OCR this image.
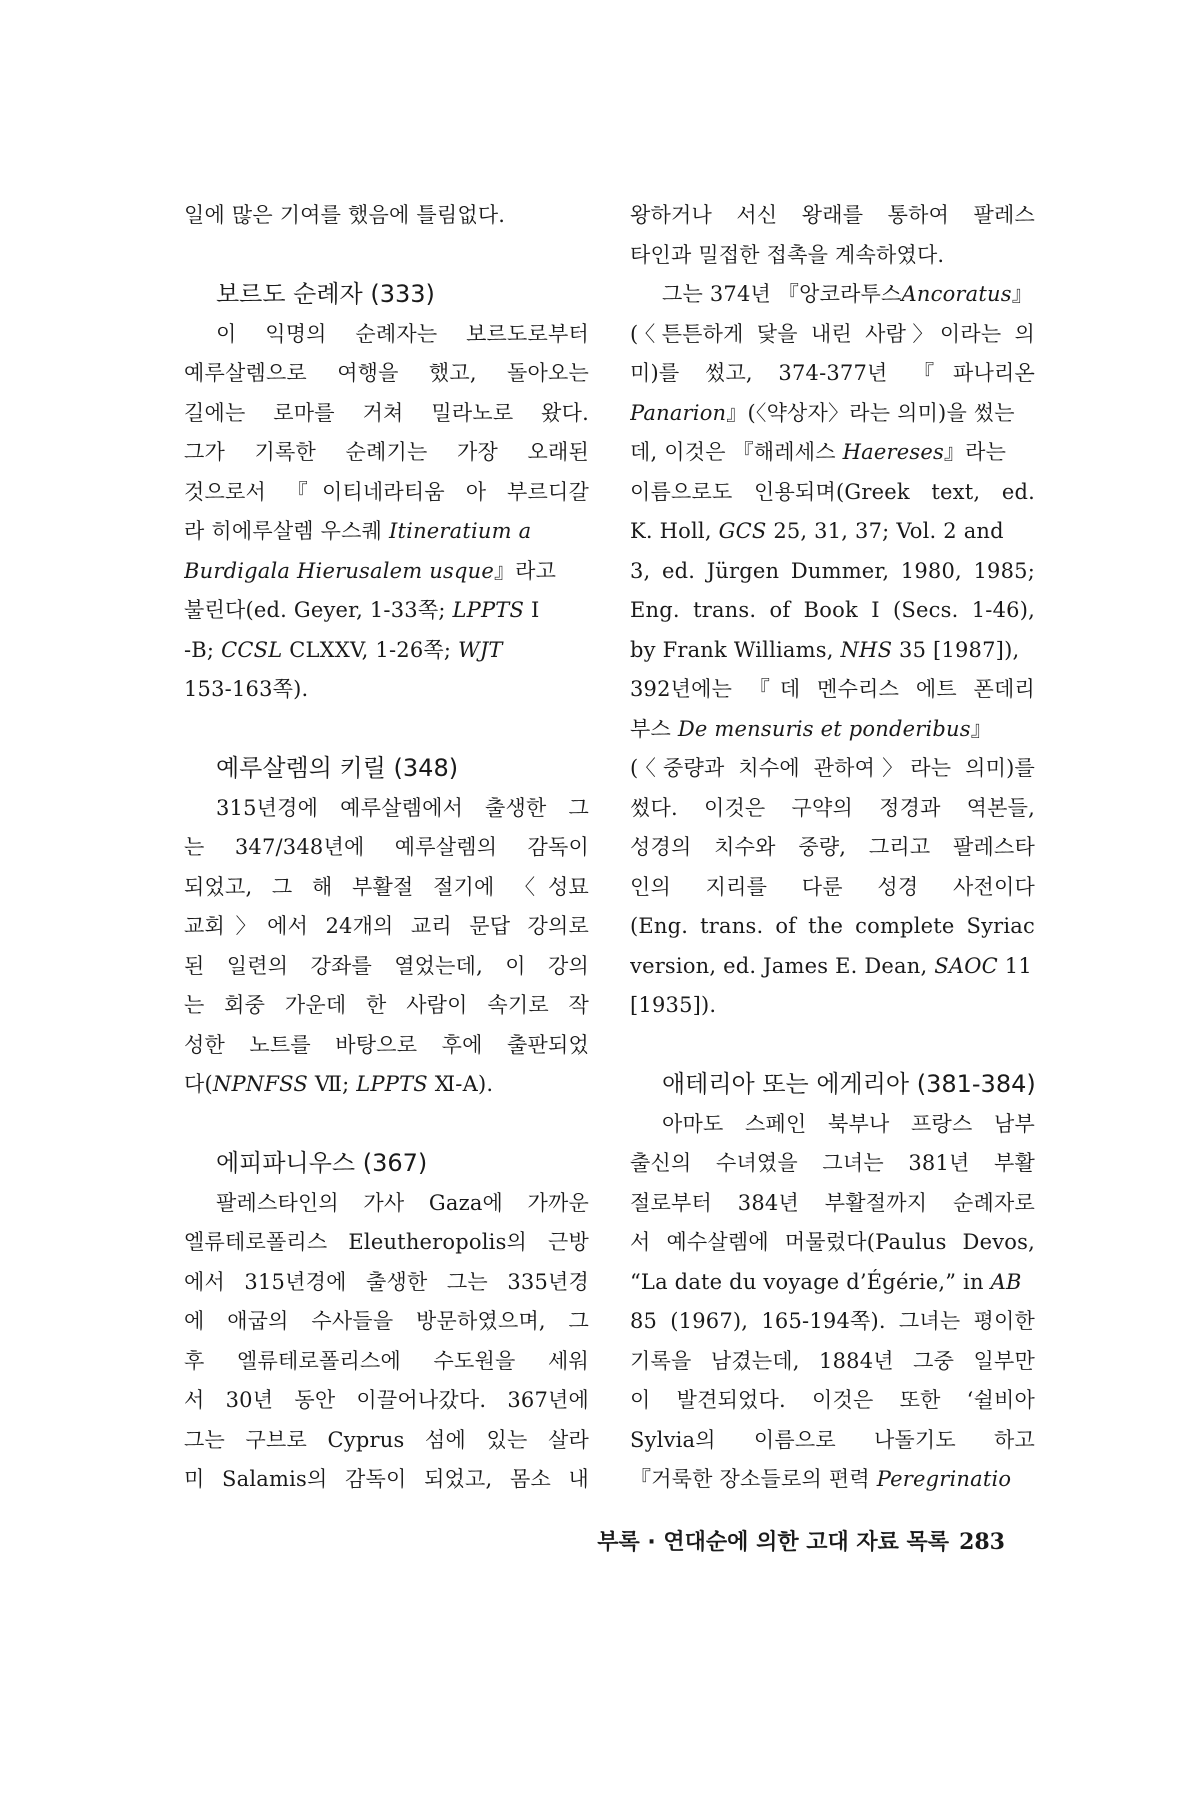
일에 많은 기여를 했음에 틀림없다.
보르도 순례자 (333)
이 익명의 순례자는 보르도로부터
예루살렘으로 여행을 했고, 돌아오는
길에는 로마를 거쳐 밀라노로 왔다.
그가 기록한 순례기는 가장 오래된
것으로서 『이티네라티움 아 부르디갈
라 히에루살렘 우스퀘 Itineratium a
Burdigala Hierusalem usque』라고
불린다(ed. Geyer, 1-33쪽; LPPTS I
-B; CCSL CLXXV, 1-26쪽; WJT
153-163쪽).
예루살렘의 키릴 (348)
315년경에 예루살렘에서 출생한 그
는 347/348년에 예루살렘의 감독이
되었고, 그 해 부활절 절기에 〈성묘
교회〉에서 24개의 교리 문답 강의로
된 일련의 강좌를 열었는데, 이 강의
는 회중 가운데 한 사람이 속기로 작
성한 노트를 바탕으로 후에 출판되었
다(NPNFSS Ⅶ; LPPTS Ⅺ-A).
에피파니우스 (367)
팔레스타인의 가사 Gaza에 가까운
엘류테로폴리스 Eleutheropolis의 근방
에서 315년경에 출생한 그는 335년경
에 애굽의 수사들을 방문하였으며, 그
후 엘류테로폴리스에 수도원을 세워
서 30년 동안 이끌어나갔다. 367년에
그는 구브로 Cyprus 섬에 있는 살라
미 Salamis의 감독이 되었고, 몸소 내
왕하거나 서신 왕래를 통하여 팔레스
타인과 밀접한 접촉을 계속하였다.
그는 374년 『앙코라투스Ancoratus』
(〈튼튼하게 닻을 내린 사람〉이라는 의
미)를 썼고, 374-377년 『파나리온
Panarion』(〈약상자〉라는 의미)을 썼는
데, 이것은 『해레세스 Haereses』라는
이름으로도 인용되며(Greek text, ed.
K. Holl, GCS 25, 31, 37; Vol. 2 and
3, ed. Jürgen Dummer, 1980, 1985;
Eng. trans. of Book I (Secs. 1-46),
by Frank Williams, NHS 35 [1987]),
392년에는 『데 멘수리스 에트 폰데리
부스 De mensuris et ponderibus』
(〈중량과 치수에 관하여〉라는 의미)를
썼다. 이것은 구약의 정경과 역본들,
성경의 치수와 중량, 그리고 팔레스타
인의 지리를 다룬 성경 사전이다
(Eng. trans. of the complete Syriac
version, ed. James E. Dean, SAOC 11
[1935]).
애테리아 또는 에게리아 (381-384)
아마도 스페인 북부나 프랑스 남부
출신의 수녀였을 그녀는 381년 부활
절로부터 384년 부활절까지 순례자로
서 예수살렘에 머물렀다(Paulus Devos,
“La date du voyage d’Égérie,” in AB
85 (1967), 165-194쪽). 그녀는 평이한
기록을 남겼는데, 1884년 그중 일부만
이 발견되었다. 이것은 또한 ‘쉴비아
Sylvia의 이름으로 나돌기도 하고
『거룩한 장소들로의 편력 Peregrinatio
부록 · 연대순에 의한 고대 자료 목록 283
